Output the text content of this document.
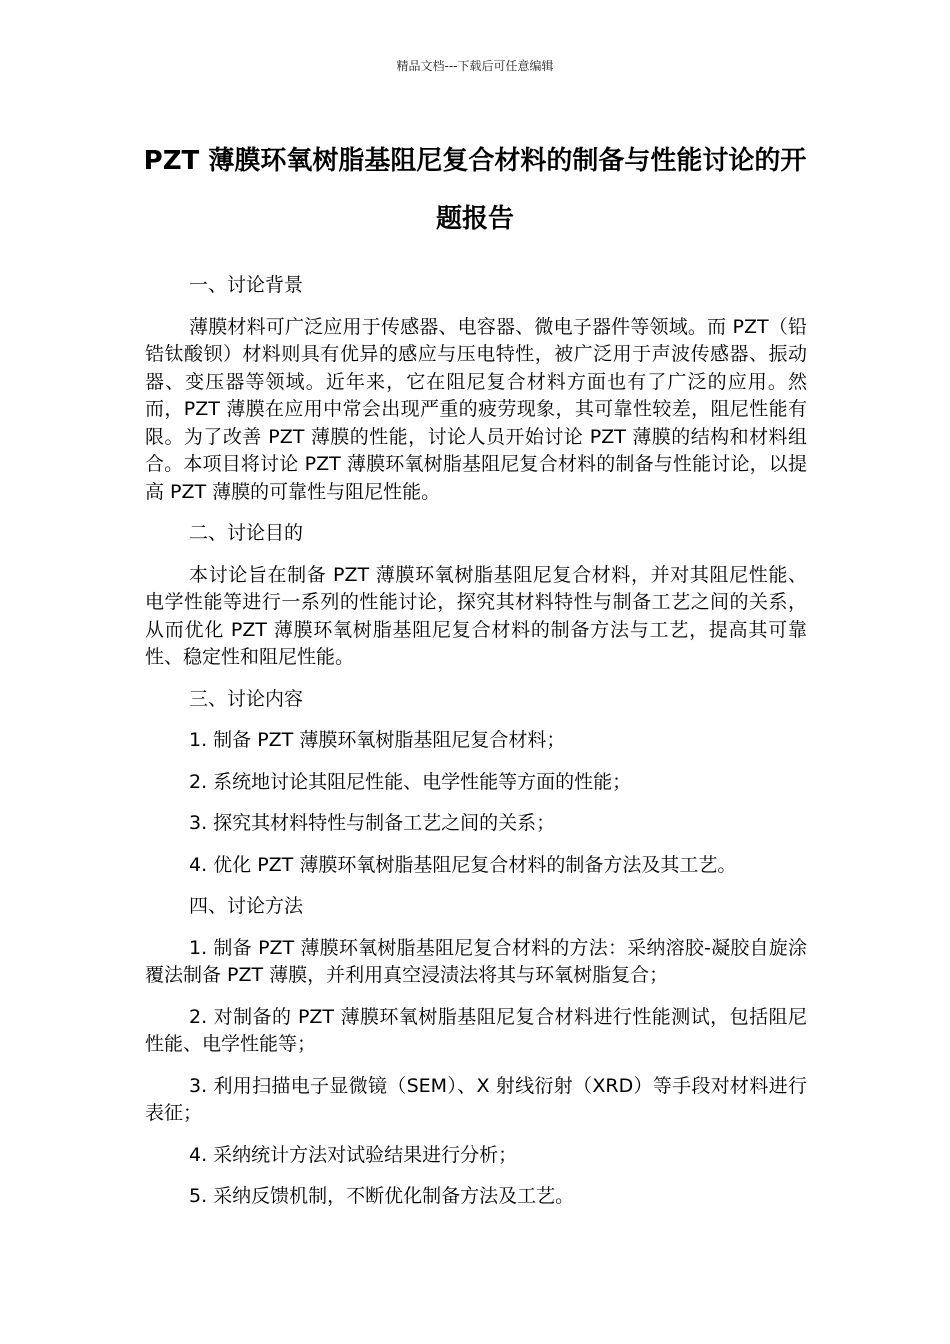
精品文档---下载后可任意编辑
PZT 薄膜环氧树脂基阻尼复合材料的制备与性能讨论的开题报告

一、讨论背景

薄膜材料可广泛应用于传感器、电容器、微电子器件等领域。而 PZT（铅锆钛酸钡）材料则具有优异的感应与压电特性，被广泛用于声波传感器、振动器、变压器等领域。近年来，它在阻尼复合材料方面也有了广泛的应用。然而，PZT 薄膜在应用中常会出现严重的疲劳现象，其可靠性较差，阻尼性能有限。为了改善 PZT 薄膜的性能，讨论人员开始讨论 PZT 薄膜的结构和材料组合。本项目将讨论 PZT 薄膜环氧树脂基阻尼复合材料的制备与性能讨论，以提高 PZT 薄膜的可靠性与阻尼性能。

二、讨论目的

本讨论旨在制备 PZT 薄膜环氧树脂基阻尼复合材料，并对其阻尼性能、电学性能等进行一系列的性能讨论，探究其材料特性与制备工艺之间的关系，从而优化 PZT 薄膜环氧树脂基阻尼复合材料的制备方法与工艺，提高其可靠性、稳定性和阻尼性能。

三、讨论内容

1. 制备 PZT 薄膜环氧树脂基阻尼复合材料；

2. 系统地讨论其阻尼性能、电学性能等方面的性能；

3. 探究其材料特性与制备工艺之间的关系；

4. 优化 PZT 薄膜环氧树脂基阻尼复合材料的制备方法及其工艺。

四、讨论方法

1. 制备 PZT 薄膜环氧树脂基阻尼复合材料的方法：采纳溶胶-凝胶自旋涂覆法制备 PZT 薄膜，并利用真空浸渍法将其与环氧树脂复合；

2. 对制备的 PZT 薄膜环氧树脂基阻尼复合材料进行性能测试，包括阻尼性能、电学性能等；

3. 利用扫描电子显微镜（SEM）、X 射线衍射（XRD）等手段对材料进行表征；

4. 采纳统计方法对试验结果进行分析；

5. 采纳反馈机制，不断优化制备方法及工艺。
